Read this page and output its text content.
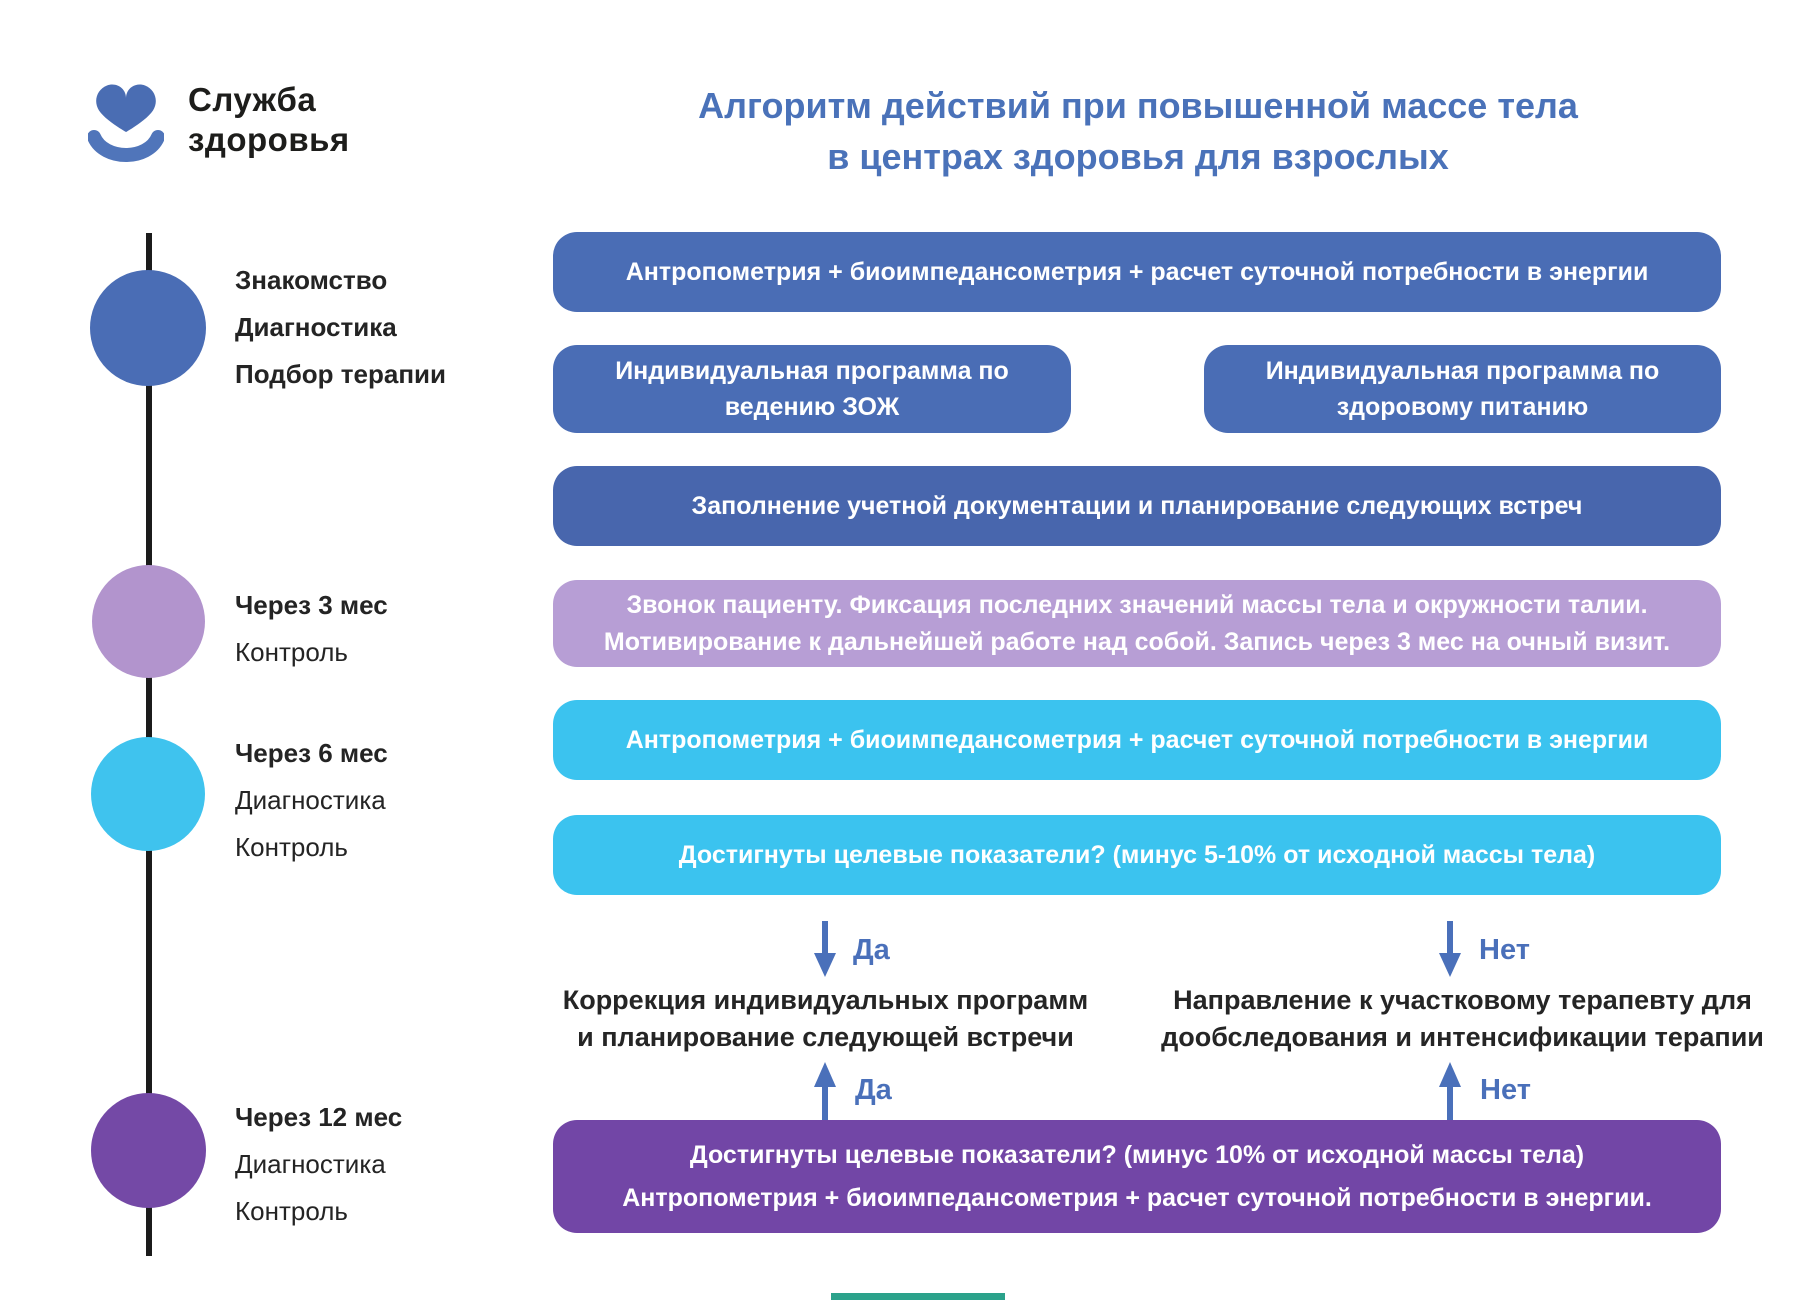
Служба
здоровья
Алгоритм действий при повышенной массе тела
в центрах здоровья для взрослых
Знакомство
Диагностика
Подбор терапии
Через 3 мес
Контроль
Через 6 мес
Диагностика
Контроль
Через 12 мес
Диагностика
Контроль
Антропометрия + биоимпедансометрия + расчет суточной потребности в энергии
Индивидуальная программа по
ведению ЗОЖ
Индивидуальная программа по
здоровому питанию
Заполнение учетной документации и планирование следующих встреч
Звонок пациенту. Фиксация последних значений массы тела и окружности талии.
Мотивирование к дальнейшей работе над собой. Запись через 3 мес на очный визит.
Антропометрия + биоимпедансометрия + расчет суточной потребности в энергии
Достигнуты целевые показатели? (минус 5-10% от исходной массы тела)
Да	Нет
Коррекция индивидуальных программ
и планирование следующей встречи
Направление к участковому терапевту для
дообследования и интенсификации терапии
Да	Нет
Достигнуты целевые показатели? (минус 10% от исходной массы тела)
Антропометрия + биоимпедансометрия + расчет суточной потребности в энергии.
